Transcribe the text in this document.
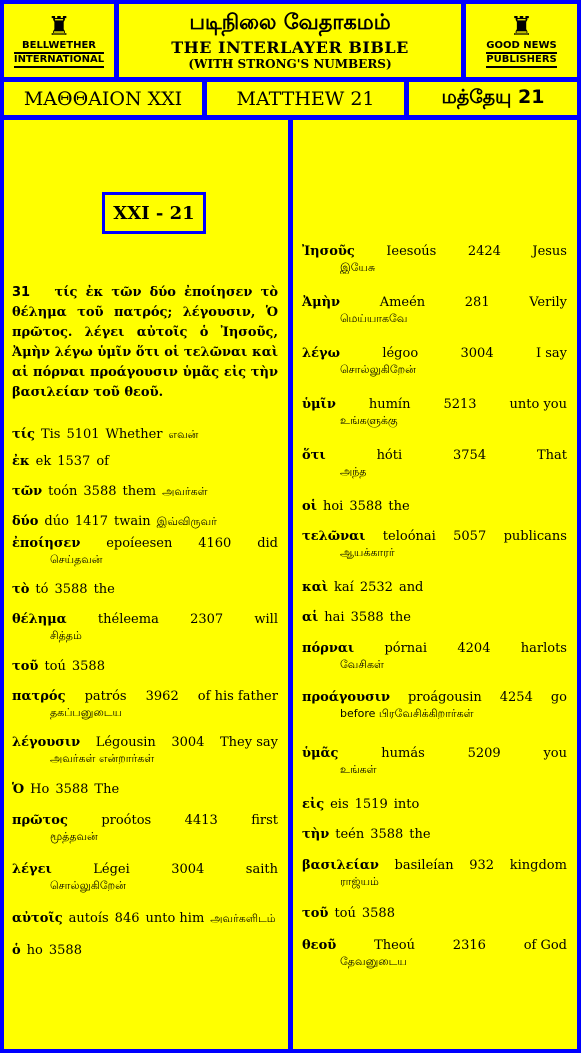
♜
BELLWETHER
INTERNATIONAL
படிநிலை வேதாகமம்
THE INTERLAYER BIBLE
(WITH STRONG'S NUMBERS)
♜
GOOD NEWS
PUBLISHERS
ΜΑΘΘΑΙΟΝ XXI	MATTHEW 21	மத்தேயு 21
XXI - 21
31 τίς ἐκ τῶν δύο ἐποίησεν τὸ θέλημα τοῦ πατρός; λέγουσιν, Ὁ πρῶτος. λέγει αὐτοῖς ὁ Ἰησοῦς, Ἀμὴν λέγω ὑμῖν ὅτι οἱ τελῶναι καὶ αἱ πόρναι προάγουσιν ὑμᾶς εἰς τὴν βασιλείαν τοῦ θεοῦ.
τίς Tis 5101 Whether எவன்
ἐκ ek 1537 of
τῶν toón 3588 them அவர்கள்
δύο dúo 1417 twain இவ்விருவர்
ἐποίησεν epoíeesen 4160 did
செய்தவன்
τὸ tó 3588 the
θέλημα théleema 2307 will
சித்தம்
τοῦ toú 3588
πατρός patrós 3962 of his father
தகப்பனுடைய
λέγουσιν Légousin 3004 They say
அவர்கள் என்றார்கள்
Ὁ Ho 3588 The
πρῶτος	proótos	4413	first
மூத்தவன்
λέγει	Légei	3004	saith
சொல்லுகிறேன்
αὐτοῖς autoís 846 unto him அவர்களிடம்
ὁ ho 3588
Ἰησοῦς Ieesoús 2424 Jesus
இயேசு
Ἀμὴν	Ameén	281	Verily
மெய்யாகவே
λέγω	légoo	3004	I say
சொல்லுகிறேன்
ὑμῖν	humín	5213	unto you
உங்களுக்கு
ὅτι	hóti	3754	That
அந்த
οἱ hoi 3588 the
τελῶναι teloónai 5057 publicans
ஆயக்காரர்
καὶ kaí 2532 and
αἱ hai 3588 the
πόρναι pórnai 4204 harlots
வேசிகள்
προάγουσιν proágousin 4254 go
before பிரவேசிக்கிறார்கள்
ὑμᾶς	humás	5209	you
உங்கள்
εἰς eis 1519 into
τὴν teén 3588 the
βασιλείαν basileían 932 kingdom
ராஜ்யம்
τοῦ toú 3588
θεοῦ	Theoú	2316	of God
தேவனுடைய
